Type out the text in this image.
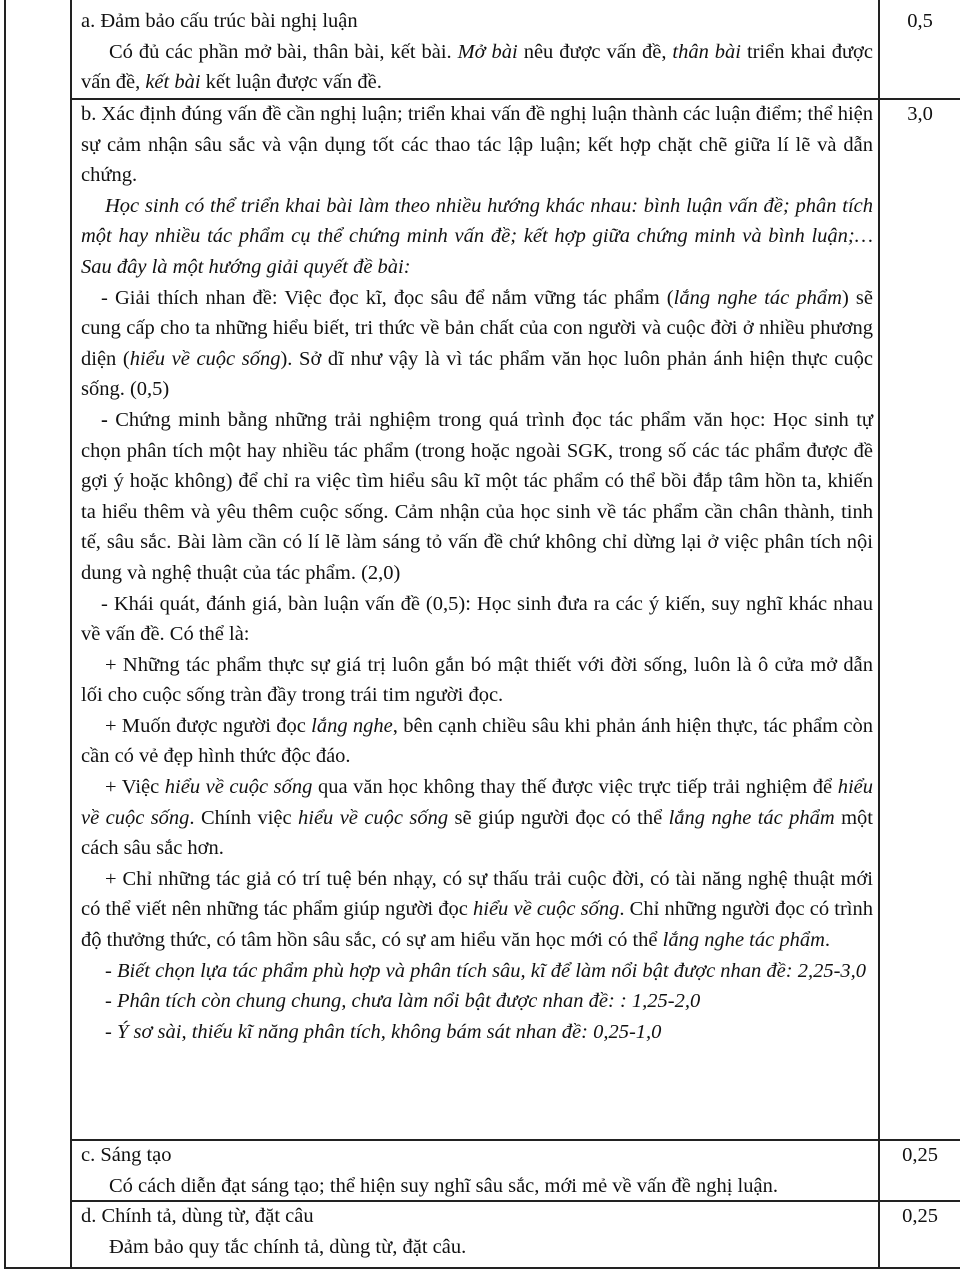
a. Đảm bảo cấu trúc bài nghị luận

Có đủ các phần mở bài, thân bài, kết bài. Mở bài nêu được vấn đề, thân bài triển khai được vấn đề, kết bài kết luận được vấn đề.

0,5

b. Xác định đúng vấn đề cần nghị luận; triển khai vấn đề nghị luận thành các luận điểm; thể hiện sự cảm nhận sâu sắc và vận dụng tốt các thao tác lập luận; kết hợp chặt chẽ giữa lí lẽ và dẫn chứng.

Học sinh có thể triển khai bài làm theo nhiều hướng khác nhau: bình luận vấn đề; phân tích một hay nhiều tác phẩm cụ thể chứng minh vấn đề; kết hợp giữa chứng minh và bình luận;… Sau đây là một hướng giải quyết đề bài:

- Giải thích nhan đề: Việc đọc kĩ, đọc sâu để nắm vững tác phẩm (lắng nghe tác phẩm) sẽ cung cấp cho ta những hiểu biết, tri thức về bản chất của con người và cuộc đời ở nhiều phương diện (hiểu về cuộc sống). Sở dĩ như vậy là vì tác phẩm văn học luôn phản ánh hiện thực cuộc sống. (0,5)

- Chứng minh bằng những trải nghiệm trong quá trình đọc tác phẩm văn học: Học sinh tự chọn phân tích một hay nhiều tác phẩm (trong hoặc ngoài SGK, trong số các tác phẩm được đề gợi ý hoặc không) để chỉ ra việc tìm hiểu sâu kĩ một tác phẩm có thể bồi đắp tâm hồn ta, khiến ta hiểu thêm và yêu thêm cuộc sống. Cảm nhận của học sinh về tác phẩm cần chân thành, tinh tế, sâu sắc. Bài làm cần có lí lẽ làm sáng tỏ vấn đề chứ không chỉ dừng lại ở việc phân tích nội dung và nghệ thuật của tác phẩm. (2,0)

- Khái quát, đánh giá, bàn luận vấn đề (0,5): Học sinh đưa ra các ý kiến, suy nghĩ khác nhau về vấn đề. Có thể là:

+ Những tác phẩm thực sự giá trị luôn gắn bó mật thiết với đời sống, luôn là ô cửa mở dẫn lối cho cuộc sống tràn đầy trong trái tim người đọc.

+ Muốn được người đọc lắng nghe, bên cạnh chiều sâu khi phản ánh hiện thực, tác phẩm còn cần có vẻ đẹp hình thức độc đáo.

+ Việc hiểu về cuộc sống qua văn học không thay thế được việc trực tiếp trải nghiệm để hiểu về cuộc sống. Chính việc hiểu về cuộc sống sẽ giúp người đọc có thể lắng nghe tác phẩm một cách sâu sắc hơn.

+ Chỉ những tác giả có trí tuệ bén nhạy, có sự thấu trải cuộc đời, có tài năng nghệ thuật mới có thể viết nên những tác phẩm giúp người đọc hiểu về cuộc sống. Chỉ những người đọc có trình độ thưởng thức, có tâm hồn sâu sắc, có sự am hiểu văn học mới có thể lắng nghe tác phẩm.

- Biết chọn lựa tác phẩm phù hợp và phân tích sâu, kĩ để làm nổi bật được nhan đề: 2,25-3,0

- Phân tích còn chung chung, chưa làm nổi bật được nhan đề: : 1,25-2,0

- Ý sơ sài, thiếu kĩ năng phân tích, không bám sát nhan đề: 0,25-1,0

3,0

c. Sáng tạo

Có cách diễn đạt sáng tạo; thể hiện suy nghĩ sâu sắc, mới mẻ về vấn đề nghị luận.

0,25

d. Chính tả, dùng từ, đặt câu

Đảm bảo quy tắc chính tả, dùng từ, đặt câu.

0,25
